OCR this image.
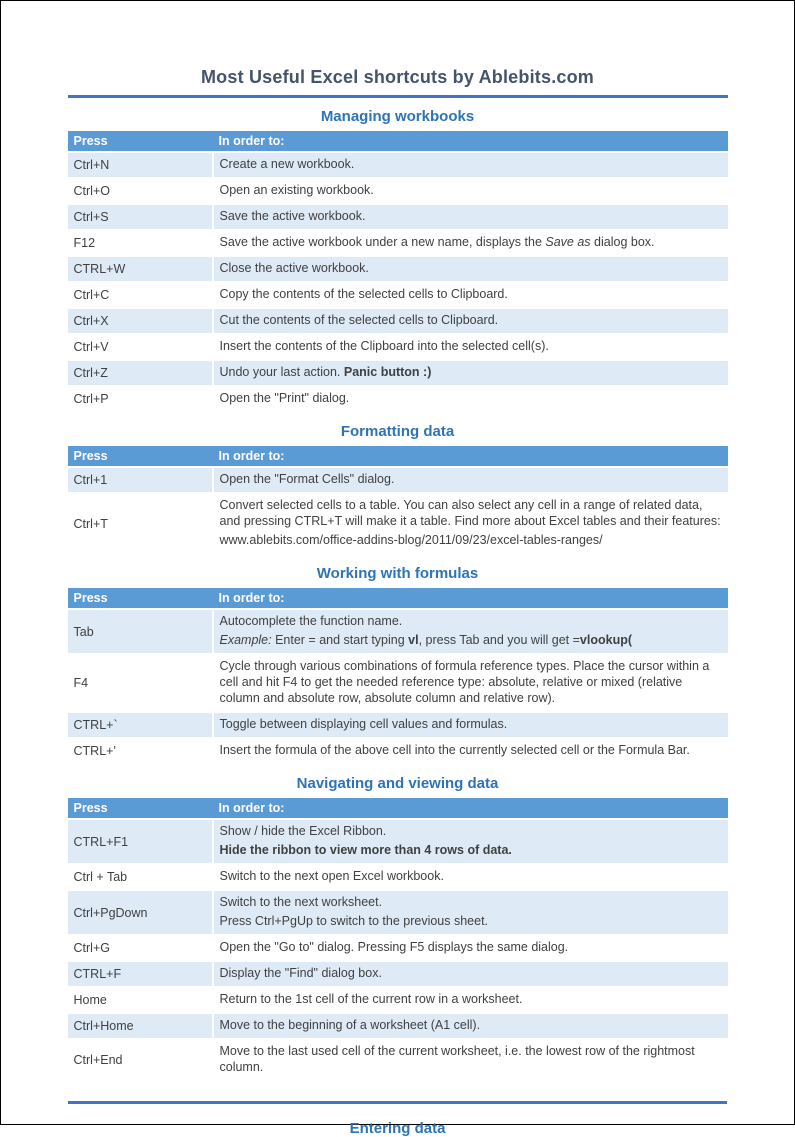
Most Useful Excel shortcuts by Ablebits.com
Managing workbooks
Press	In order to:

Ctrl+N	Create a new workbook.

Ctrl+O	Open an existing workbook.

Ctrl+S	Save the active workbook.

F12	Save the active workbook under a new name, displays the Save as dialog box.

CTRL+W	Close the active workbook.

Ctrl+C	Copy the contents of the selected cells to Clipboard.

Ctrl+X	Cut the contents of the selected cells to Clipboard.

Ctrl+V	Insert the contents of the Clipboard into the selected cell(s).

Ctrl+Z	Undo your last action. Panic button :)

Ctrl+P	Open the "Print" dialog.
Formatting data
Press	In order to:

Ctrl+1	Open the "Format Cells" dialog.

Ctrl+T	Convert selected cells to a table. You can also select any cell in a range of related data, and pressing CTRL+T will make it a table. Find more about Excel tables and their features:
www.ablebits.com/office-addins-blog/2011/09/23/excel-tables-ranges/
Working with formulas
Press	In order to:

Tab	Autocomplete the function name.
Example: Enter = and start typing vl, press Tab and you will get =vlookup(

F4	Cycle through various combinations of formula reference types. Place the cursor within a cell and hit F4 to get the needed reference type: absolute, relative or mixed (relative column and absolute row, absolute column and relative row).

CTRL+`	Toggle between displaying cell values and formulas.

CTRL+'	Insert the formula of the above cell into the currently selected cell or the Formula Bar.
Navigating and viewing data
Press	In order to:

CTRL+F1	Show / hide the Excel Ribbon.
Hide the ribbon to view more than 4 rows of data.

Ctrl + Tab	Switch to the next open Excel workbook.

Ctrl+PgDown	Switch to the next worksheet.
Press Ctrl+PgUp to switch to the previous sheet.

Ctrl+G	Open the "Go to" dialog. Pressing F5 displays the same dialog.

CTRL+F	Display the "Find" dialog box.

Home	Return to the 1st cell of the current row in a worksheet.

Ctrl+Home	Move to the beginning of a worksheet (A1 cell).

Ctrl+End	Move to the last used cell of the current worksheet, i.e. the lowest row of the rightmost column.
Entering data
